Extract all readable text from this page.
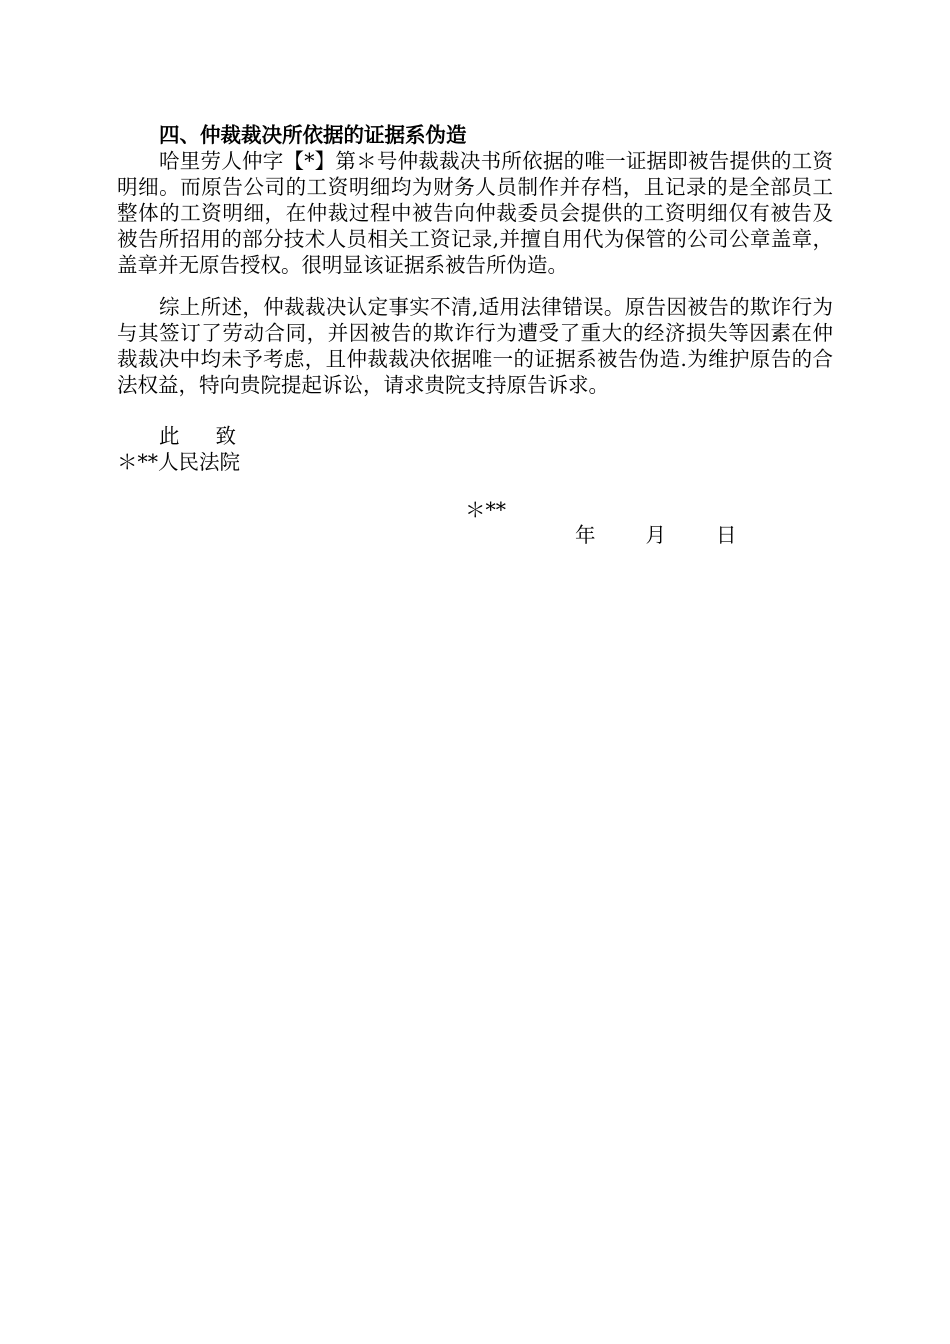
四、仲裁裁决所依据的证据系伪造

哈里劳人仲字【*】第＊号仲裁裁决书所依据的唯一证据即被告提供的工资明细。而原告公司的工资明细均为财务人员制作并存档，且记录的是全部员工整体的工资明细，在仲裁过程中被告向仲裁委员会提供的工资明细仅有被告及被告所招用的部分技术人员相关工资记录,并擅自用代为保管的公司公章盖章，盖章并无原告授权。很明显该证据系被告所伪造。

综上所述，仲裁裁决认定事实不清,适用法律错误。原告因被告的欺诈行为与其签订了劳动合同，并因被告的欺诈行为遭受了重大的经济损失等因素在仲裁裁决中均未予考虑，且仲裁裁决依据唯一的证据系被告伪造.为维护原告的合法权益，特向贵院提起诉讼，请求贵院支持原告诉求。

此 致
＊**人民法院
＊**
年 月 日
